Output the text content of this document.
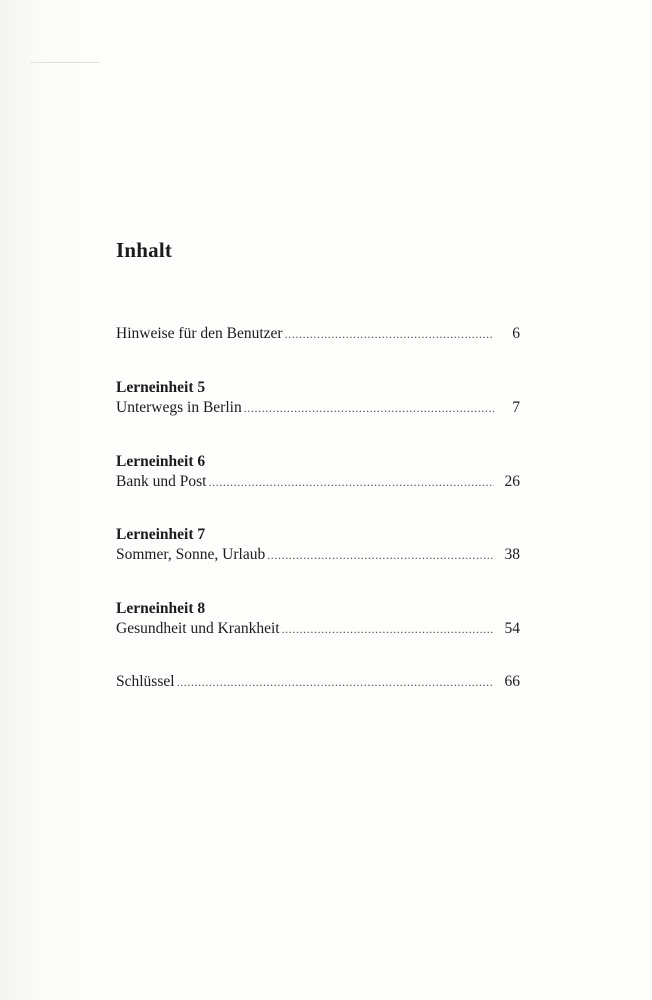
Inhalt
Hinweise für den Benutzer .....	6
Lerneinheit 5
Unterwegs in Berlin .....	7
Lerneinheit 6
Bank und Post .....	26
Lerneinheit 7
Sommer, Sonne, Urlaub .....	38
Lerneinheit 8
Gesundheit und Krankheit .....	54
Schlüssel .....	66
